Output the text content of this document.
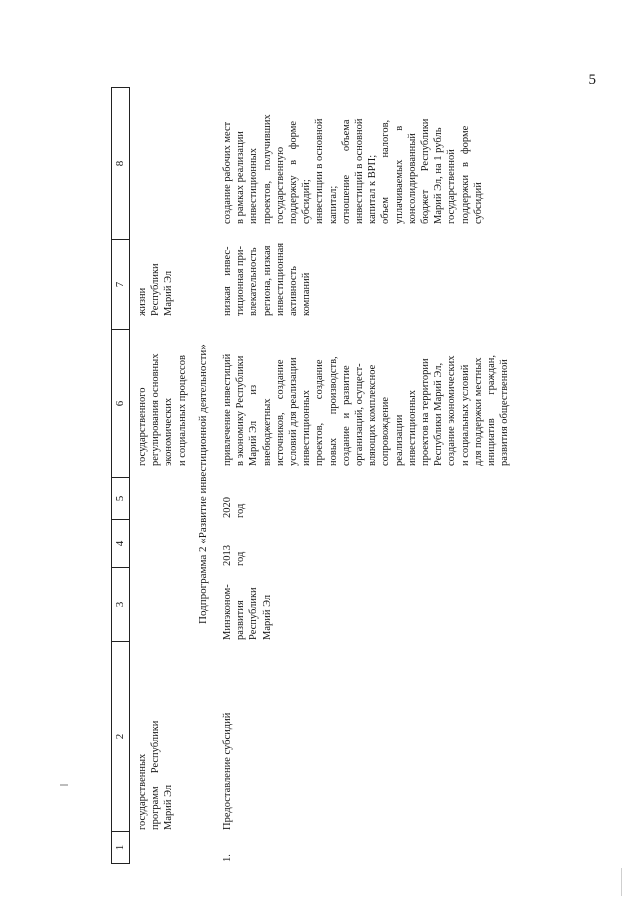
5
1
2
3
4
5
6
7
8
государственных программ     Республики Марий Эл
государственного регулирования основных экономических и социальных процессов
жизни Республики Марий Эл
Подпрограмма 2 «Развитие инвестиционной деятельности»
1.
Предоставление субсидий
Минэконом- развития Республики Марий Эл
2013 год
2020 год
привлечение инвестиций в экономику Республики Марий Эл          из внебюджетных источников,     создание условий для реализации инвестиционных проектов,         создание новых         производств, создание   и   развитие организаций, осущест- вляющих комплексное сопровождение реализации инвестиционных проектов на территории Республики Марий Эл, создание экономических и социальных условий для поддержки местных инициатив         граждан, развития общественной
низкая    инвес- тиционная при- влекательность региона, низкая инвестиционная активность компаний
создание рабочих мест в рамках реализации инвестиционных проектов,    получивших государственную поддержку    в    форме субсидий; инвестиции в основной капитал; отношение         объема инвестиций в основной капитал к ВРП; объем               налогов, уплачиваемых           в консолидированный бюджет       Республики Марий Эл, на 1 рубль государственной поддержки   в   форме субсидий
